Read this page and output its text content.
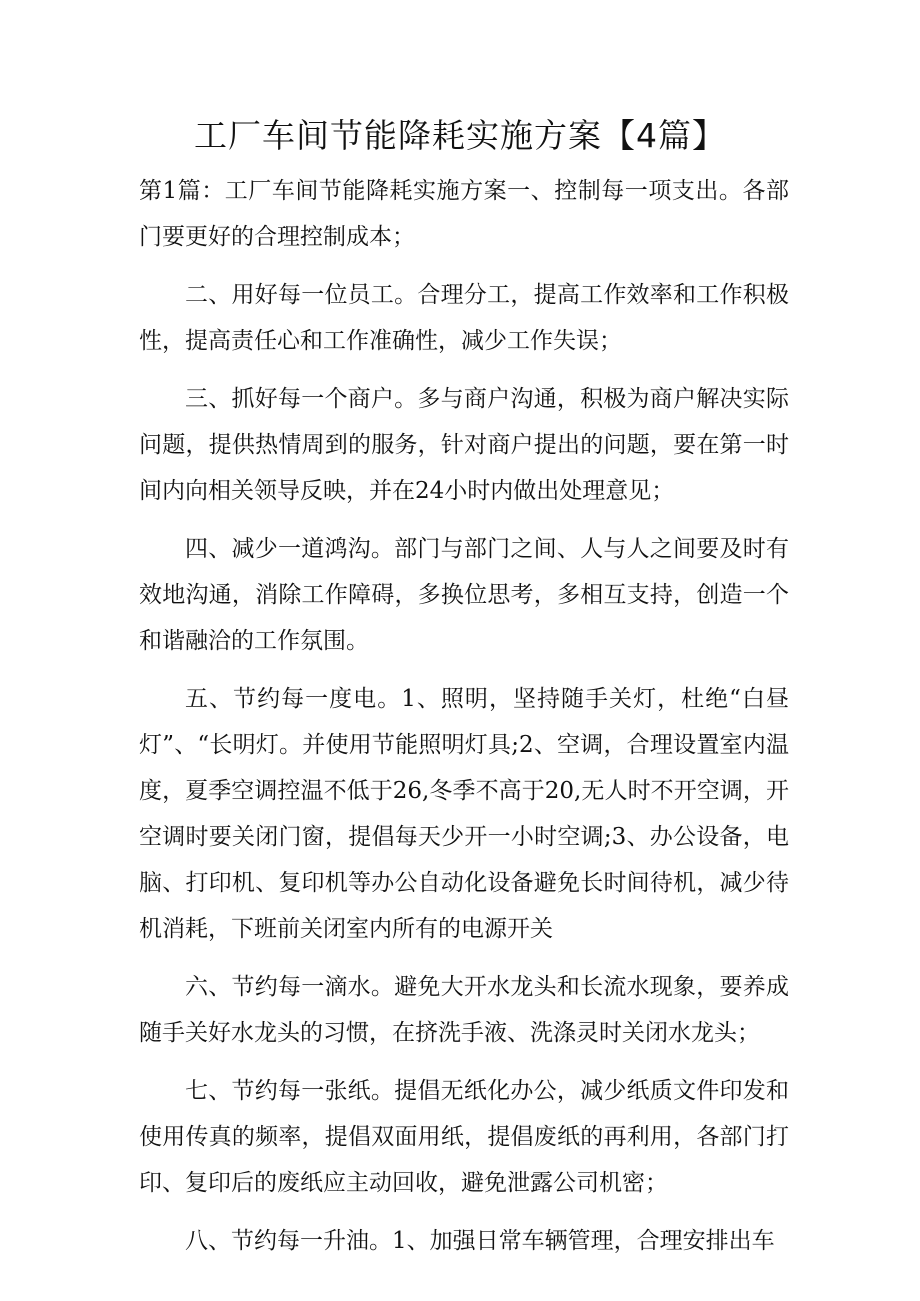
工厂车间节能降耗实施方案【4篇】

第1篇：工厂车间节能降耗实施方案一、控制每一项支出。各部门要更好的合理控制成本；

二、用好每一位员工。合理分工，提高工作效率和工作积极性，提高责任心和工作准确性，减少工作失误；

三、抓好每一个商户。多与商户沟通，积极为商户解决实际问题，提供热情周到的服务，针对商户提出的问题，要在第一时间内向相关领导反映，并在24小时内做出处理意见；

四、减少一道鸿沟。部门与部门之间、人与人之间要及时有效地沟通，消除工作障碍，多换位思考，多相互支持，创造一个和谐融洽的工作氛围。

五、节约每一度电。1、照明，坚持随手关灯，杜绝“白昼灯”、“长明灯。并使用节能照明灯具;2、空调，合理设置室内温度，夏季空调控温不低于26,冬季不高于20,无人时不开空调，开空调时要关闭门窗，提倡每天少开一小时空调;3、办公设备，电脑、打印机、复印机等办公自动化设备避免长时间待机，减少待机消耗，下班前关闭室内所有的电源开关

六、节约每一滴水。避免大开水龙头和长流水现象，要养成随手关好水龙头的习惯，在挤洗手液、洗涤灵时关闭水龙头；

七、节约每一张纸。提倡无纸化办公，减少纸质文件印发和使用传真的频率，提倡双面用纸，提倡废纸的再利用，各部门打印、复印后的废纸应主动回收，避免泄露公司机密；

八、节约每一升油。1、加强日常车辆管理，合理安排出车
